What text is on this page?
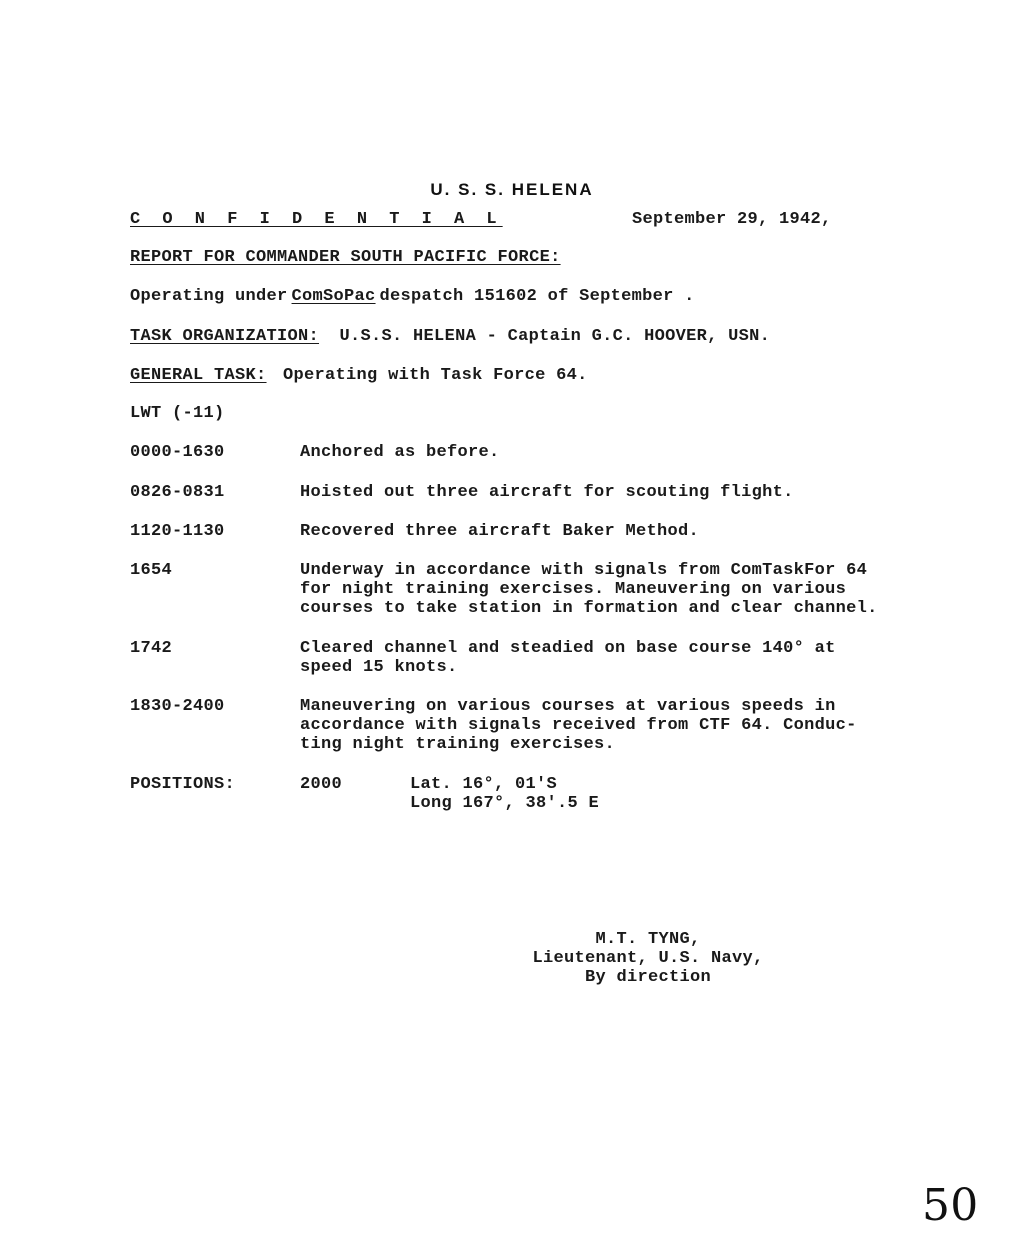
U. S. S. HELENA
C O N F I D E N T I A L	September 29, 1942,
REPORT FOR COMMANDER SOUTH PACIFIC FORCE:
Operating under ComSoPac despatch 151602 of September .
TASK ORGANIZATION: U.S.S. HELENA - Captain G.C. HOOVER, USN.
GENERAL TASK: Operating with Task Force 64.
LWT (-11)
0000-1630	Anchored as before.
0826-0831	Hoisted out three aircraft for scouting flight.
1120-1130	Recovered three aircraft Baker Method.
1654	Underway in accordance with signals from ComTaskFor 64
for night training exercises. Maneuvering on various
courses to take station in formation and clear channel.
1742	Cleared channel and steadied on base course 140° at
speed 15 knots.
1830-2400	Maneuvering on various courses at various speeds in
accordance with signals received from CTF 64. Conduc-
ting night training exercises.
POSITIONS:	2000	Lat. 16°, 01'S
Long 167°, 38'.5 E
M.T. TYNG,
Lieutenant, U.S. Navy,
By direction
50
